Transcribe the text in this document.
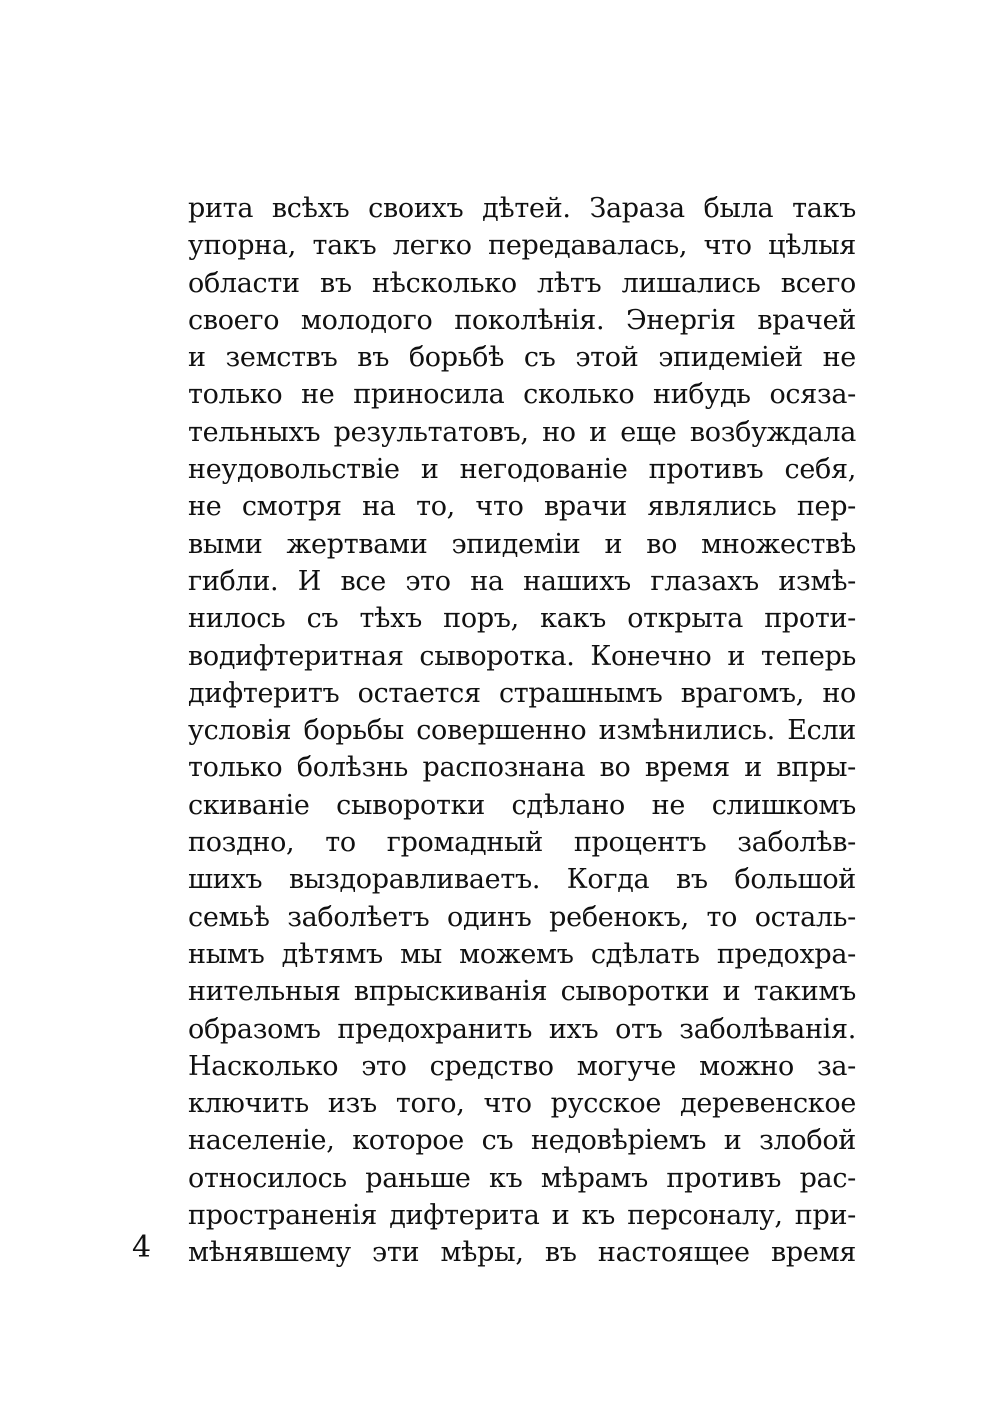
рита всѣхъ своихъ дѣтей. Зараза была такъ
упорна, такъ легко передавалась, что цѣлыя
области въ нѣсколько лѣтъ лишались всего
своего молодого поколѣнія. Энергія врачей
и земствъ въ борьбѣ съ этой эпидеміей не
только не приносила сколько нибудь осяза-
тельныхъ результатовъ, но и еще возбуждала
неудовольствіе и негодованіе противъ себя,
не смотря на то, что врачи являлись пер-
выми жертвами эпидеміи и во множествѣ
гибли. И все это на нашихъ глазахъ измѣ-
нилось съ тѣхъ поръ, какъ открыта проти-
водифтеритная сыворотка. Конечно и теперь
дифтеритъ остается страшнымъ врагомъ, но
условія борьбы совершенно измѣнились. Если
только болѣзнь распознана во время и впры-
скиваніе сыворотки сдѣлано не слишкомъ
поздно, то громадный процентъ заболѣв-
шихъ выздоравливаетъ. Когда въ большой
семьѣ заболѣетъ одинъ ребенокъ, то осталь-
нымъ дѣтямъ мы можемъ сдѣлать предохра-
нительныя впрыскиванія сыворотки и такимъ
образомъ предохранить ихъ отъ заболѣванія.
Насколько это средство могуче можно за-
ключить изъ того, что русское деревенское
населеніе, которое съ недовѣріемъ и злобой
относилось раньше къ мѣрамъ противъ рас-
пространенія дифтерита и къ персоналу, при-
мѣнявшему эти мѣры, въ настоящее время
4
